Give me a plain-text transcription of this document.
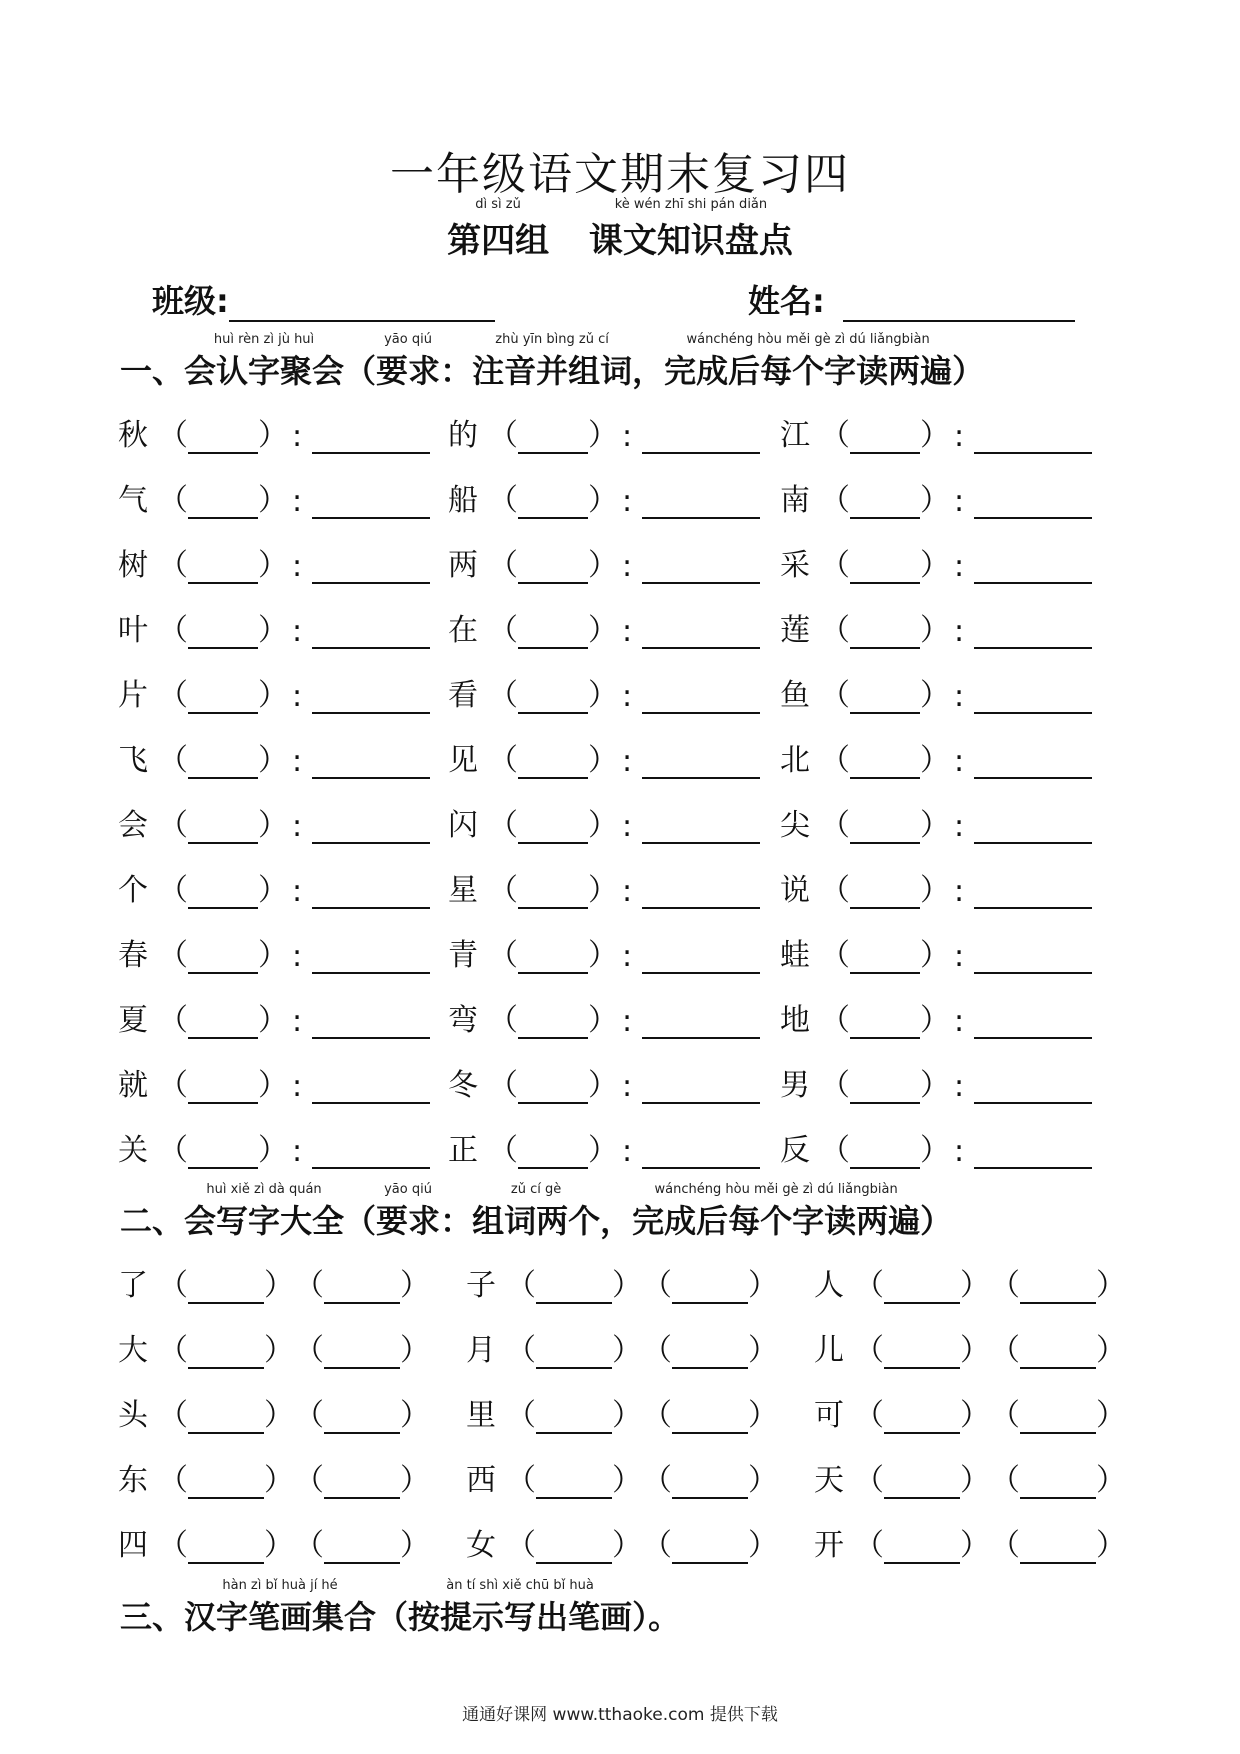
一年级语文期末复习四
dì sì zǔ
第四组
kè wén zhī shi pán diǎn
课文知识盘点
班级:	姓名:
一、
huì rèn zì jù huì
会认字聚会（
yāo qiú
要求：
zhù yīn bìng zǔ cí
注音并组词，
wánchéng hòu měi gè zì dú liǎngbiàn
完成后每个字读两遍）
秋 （ ） :	的 （ ） :	江 （ ） :
气 （ ） :	船 （ ） :	南 （ ） :
树 （ ） :	两 （ ） :	采 （ ） :
叶 （ ） :	在 （ ） :	莲 （ ） :
片 （ ） :	看 （ ） :	鱼 （ ） :
飞 （ ） :	见 （ ） :	北 （ ） :
会 （ ） :	闪 （ ） :	尖 （ ） :
个 （ ） :	星 （ ） :	说 （ ） :
春 （ ） :	青 （ ） :	蛙 （ ） :
夏 （ ） :	弯 （ ） :	地 （ ） :
就 （ ） :	冬 （ ） :	男 （ ） :
关 （ ） :	正 （ ） :	反 （ ） :
二、
huì xiě zì dà quán
会写字大全（
yāo qiú
要求：
zǔ cí gè
组词两个，
wánchéng hòu měi gè zì dú liǎngbiàn
完成后每个字读两遍）
了 （	） （	） 子 （	） （	） 人 （	） （	）
大 （	） （	） 月 （	） （	） 儿 （	） （	）
头 （	） （	） 里 （	） （	） 可 （	） （	）
东 （	） （	） 西 （	） （	） 天 （	） （	）
四 （	） （	） 女 （	） （	） 开 （	） （	）
三、
hàn zì bǐ huà jí hé
汉字笔画集合（
àn tí shì xiě chū bǐ huà
按提示写出笔画）。
通通好课网 www.tthaoke.com 提供下载
